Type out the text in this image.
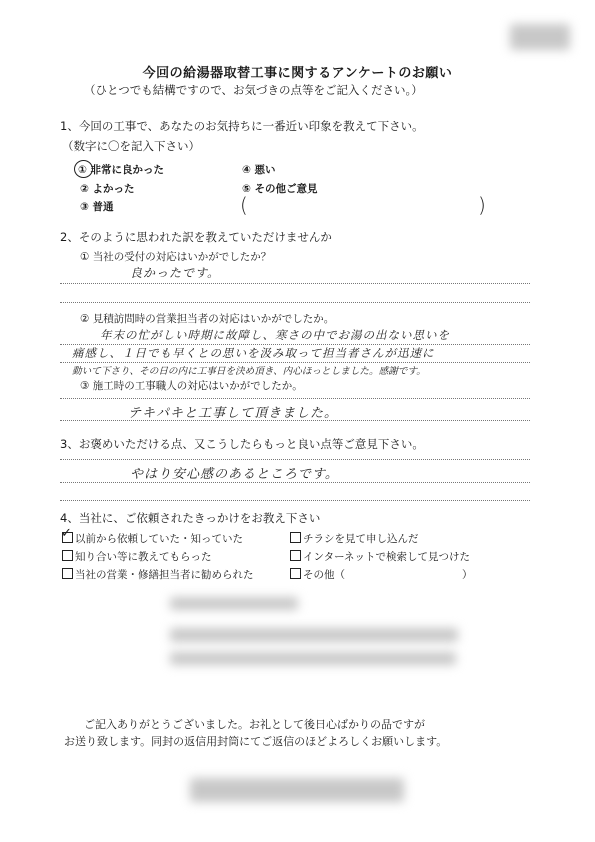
今回の給湯器取替工事に関するアンケートのお願い
（ひとつでも結構ですので、お気づきの点等をご記入ください。）
1、今回の工事で、あなたのお気持ちに一番近い印象を教えて下さい。
（数字に〇を記入下さい）
① 非常に良かった
② よかった
③ 普通
④ 悪い
⑤ その他ご意見
(	)
2、そのように思われた訳を教えていただけませんか
① 当社の受付の対応はいかがでしたか？
良かったです。
② 見積訪問時の営業担当者の対応はいかがでしたか。
年末の忙がしい時期に故障し、寒さの中でお湯の出ない思いを
痛感し、１日でも早くとの思いを汲み取って担当者さんが迅速に
動いて下さり、その日の内に工事日を決め頂き、内心ほっとしました。感謝です。
③ 施工時の工事職人の対応はいかがでしたか。
テキパキと工事して頂きました。
3、お褒めいただける点、又こうしたらもっと良い点等ご意見下さい。
やはり安心感のあるところです。
4、当社に、ご依頼されたきっかけをお教え下さい
✓ 以前から依頼していた・知っていた
知り合い等に教えてもらった
当社の営業・修繕担当者に勧められた
チラシを見て申し込んだ
インターネットで検索して見つけた
その他（	）
ご記入ありがとうございました。お礼として後日心ばかりの品ですが
お送り致します。同封の返信用封筒にてご返信のほどよろしくお願いします。
